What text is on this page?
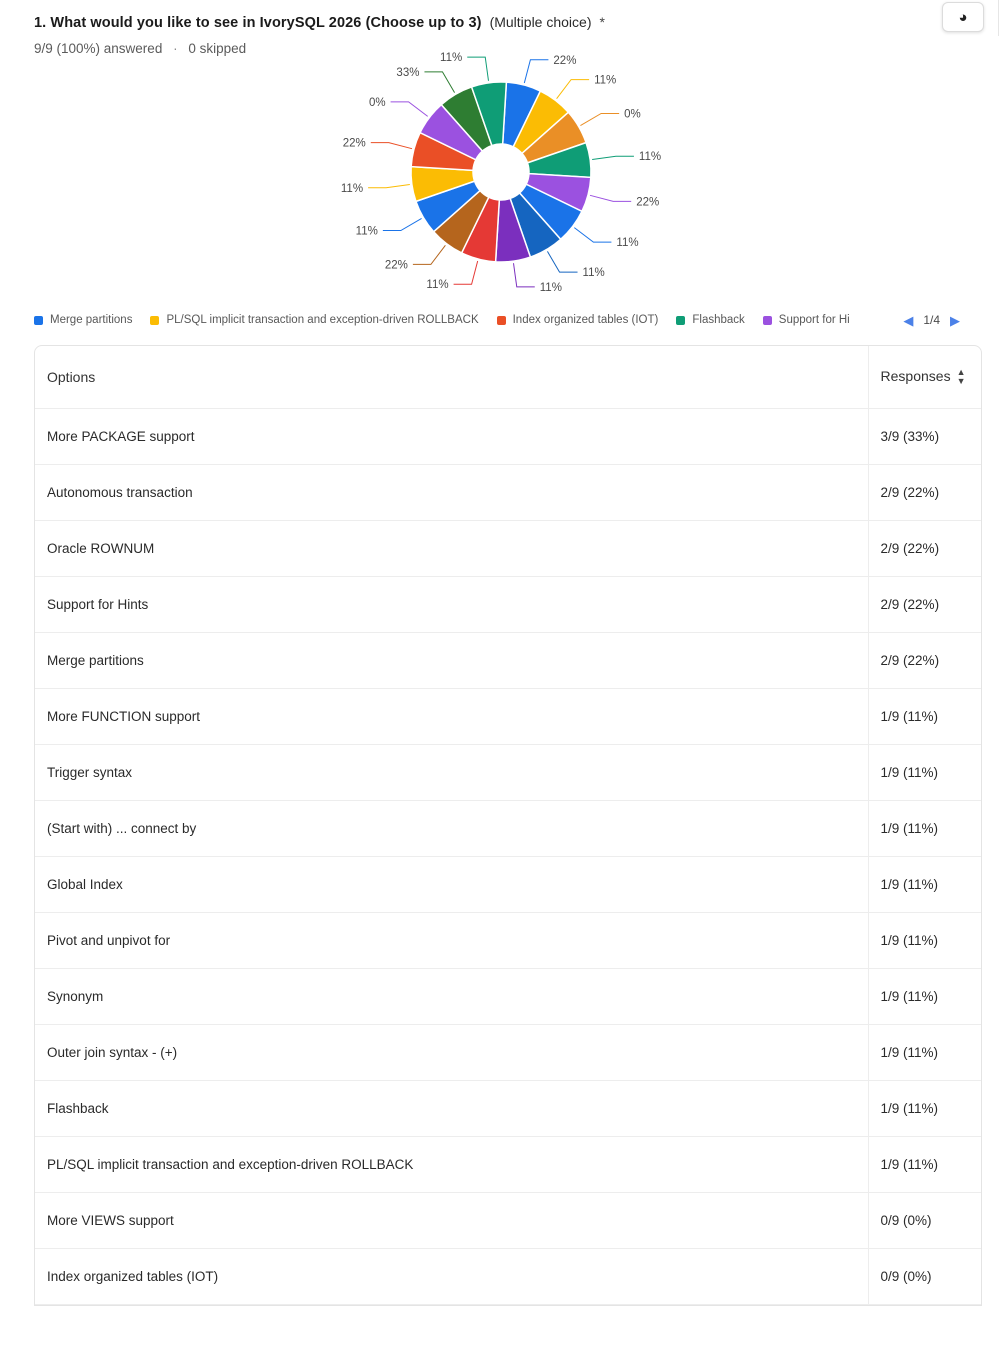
◕
1. What would you like to see in IvorySQL 2026 (Choose up to 3) (Multiple choice) *
9/9 (100%) answered · 0 skipped
22%
11%
0%
11%
22%
11%
11%
11%
11%
22%
11%
11%
22%
0%
33%
11%
Merge partitions	PL/SQL implicit transaction and exception-driven ROLLBACK	Index organized tables (IOT)	Flashback	Support for Hi	◀ 1/4 ▶
Options	Responses ▲
▼

More PACKAGE support	3/9 (33%)
Autonomous transaction	2/9 (22%)
Oracle ROWNUM	2/9 (22%)
Support for Hints	2/9 (22%)
Merge partitions	2/9 (22%)
More FUNCTION support	1/9 (11%)
Trigger syntax	1/9 (11%)
(Start with) ... connect by	1/9 (11%)
Global Index	1/9 (11%)
Pivot and unpivot for	1/9 (11%)
Synonym	1/9 (11%)
Outer join syntax - (+)	1/9 (11%)
Flashback	1/9 (11%)
PL/SQL implicit transaction and exception-driven ROLLBACK	1/9 (11%)
More VIEWS support	0/9 (0%)
Index organized tables (IOT)	0/9 (0%)
